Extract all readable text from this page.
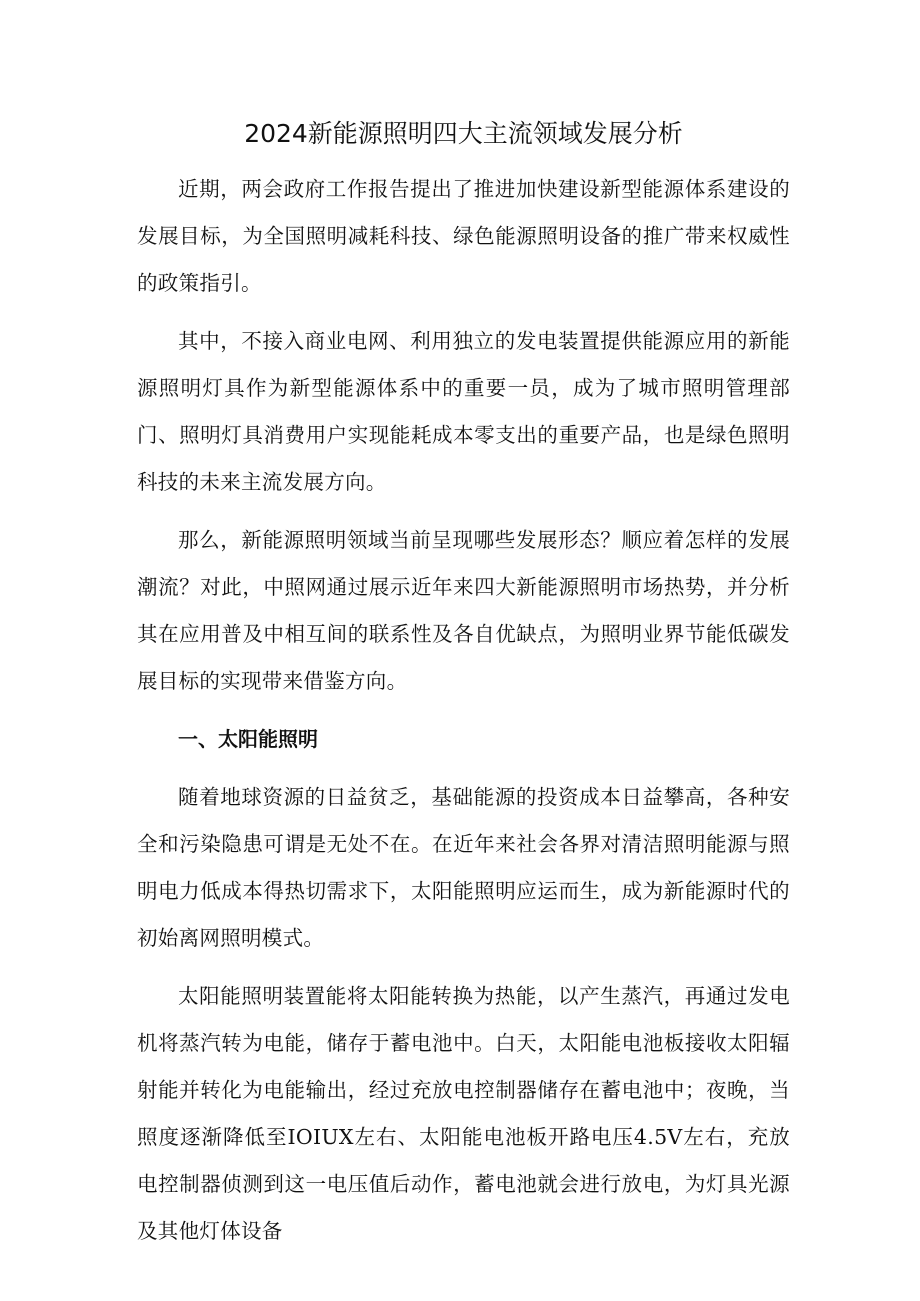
2024新能源照明四大主流领域发展分析

近期，两会政府工作报告提出了推进加快建设新型能源体系建设的发展目标，为全国照明减耗科技、绿色能源照明设备的推广带来权威性的政策指引。

其中，不接入商业电网、利用独立的发电装置提供能源应用的新能源照明灯具作为新型能源体系中的重要一员，成为了城市照明管理部门、照明灯具消费用户实现能耗成本零支出的重要产品，也是绿色照明科技的未来主流发展方向。

那么，新能源照明领域当前呈现哪些发展形态？顺应着怎样的发展潮流？对此，中照网通过展示近年来四大新能源照明市场热势，并分析其在应用普及中相互间的联系性及各自优缺点，为照明业界节能低碳发展目标的实现带来借鉴方向。

一、太阳能照明

随着地球资源的日益贫乏，基础能源的投资成本日益攀高，各种安全和污染隐患可谓是无处不在。在近年来社会各界对清洁照明能源与照明电力低成本得热切需求下，太阳能照明应运而生，成为新能源时代的初始离网照明模式。

太阳能照明装置能将太阳能转换为热能，以产生蒸汽，再通过发电机将蒸汽转为电能，储存于蓄电池中。白天，太阳能电池板接收太阳辐射能并转化为电能输出，经过充放电控制器储存在蓄电池中；夜晚，当照度逐渐降低至IOIUX左右、太阳能电池板开路电压4.5V左右，充放电控制器侦测到这一电压值后动作，蓄电池就会进行放电，为灯具光源及其他灯体设备
